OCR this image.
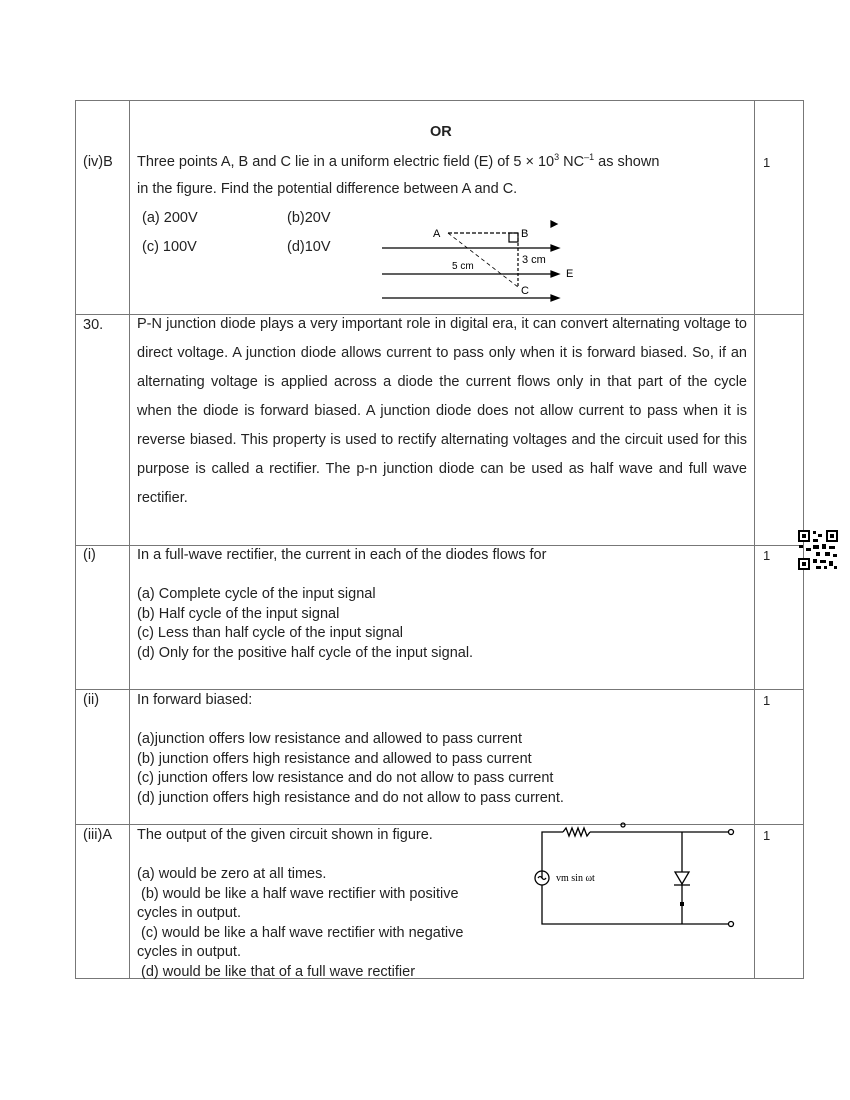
OR
(iv)B Three points A, B and C lie in a uniform electric field (E) of $5 \times 10^3$ $NC^{-1}$ as shown
in the figure. Find the potential difference between A and C.
(a) 200V	(b)20V
(c) 100V	(d)10V
1
A	B
C
E
5 cm
3 cm
30. P-N junction diode plays a very important role in digital era, it can convert alternating voltage to direct voltage. A junction diode allows current to pass only when it is forward biased. So, if an alternating voltage is applied across a diode the current flows only in that part of the cycle when the diode is forward biased. A junction diode does not allow current to pass when it is reverse biased. This property is used to rectify alternating voltages and the circuit used for this purpose is called a rectifier. The p-n junction diode can be used as half wave and full wave rectifier.
(i)	In a full-wave rectifier, the current in each of the diodes flows for	1
(a) Complete cycle of the input signal
(b) Half cycle of the input signal
(c) Less than half cycle of the input signal
(d) Only for the positive half cycle of the input signal.
(ii)	In forward biased:	1
(a)junction offers low resistance and allowed to pass current
(b) junction offers high resistance and allowed to pass current
(c) junction offers low resistance and do not allow to pass current
(d) junction offers high resistance and do not allow to pass current.
(iii)A The output of the given circuit shown in figure.	1
(a) would be zero at all times.
(b) would be like a half wave rectifier with positive
cycles in output.
(c) would be like a half wave rectifier with negative
cycles in output.
(d) would be like that of a full wave rectifier
vm sin ωt
